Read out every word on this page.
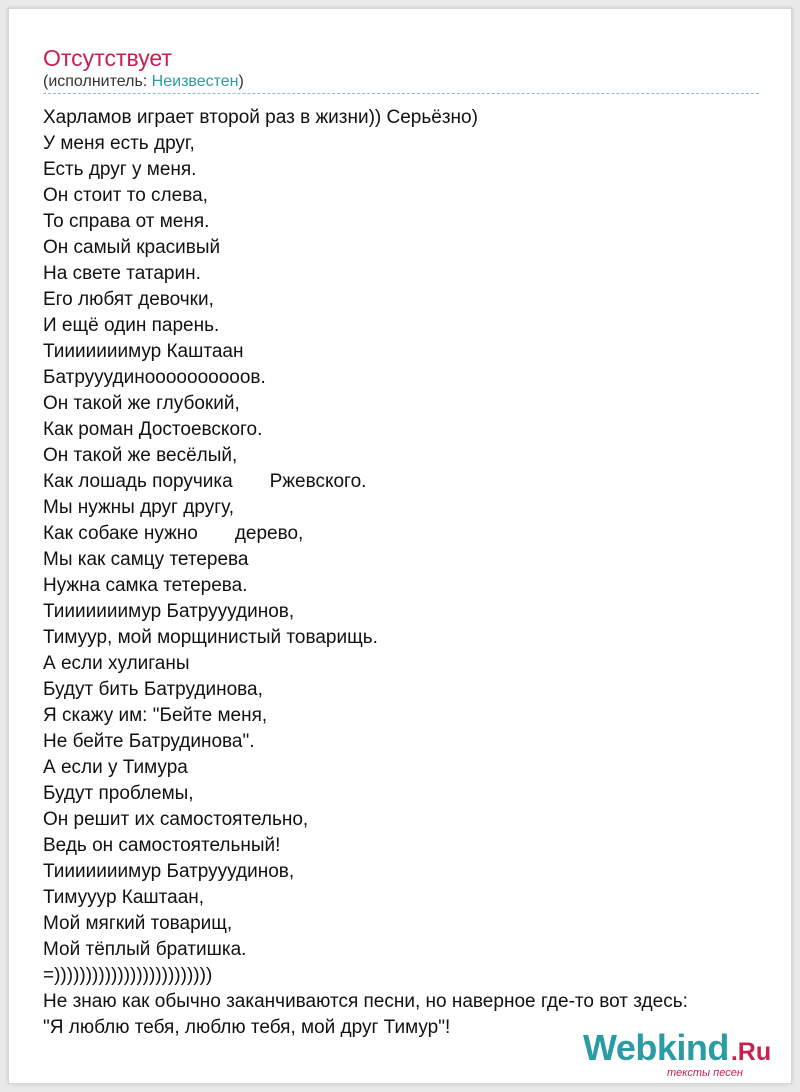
Отсутствует
(исполнитель: Неизвестен)
Харламов играет второй раз в жизни)) Серьёзно)
У меня есть друг,
Есть друг у меня.
Он стоит то слева,
То справа от меня.
Он самый красивый
На свете татарин.
Его любят девочки,
И ещё один парень.
Тииииииимур Каштаан
Батрууудиноооооооооов.
Он такой же глубокий,
Как роман Достоевского.
Он такой же весёлый,
Как лошадь поручика       Ржевского.
Мы нужны друг другу,
Как собаке нужно       дерево,
Мы как самцу тетерева
Нужна самка тетерева.
Тииииииимур Батрууудинов,
Тимуур, мой морщинистый товарищь.
А если хулиганы
Будут бить Батрудинова,
Я скажу им: "Бейте меня,
Не бейте Батрудинова".
А если у Тимура
Будут проблемы,
Он решит их самостоятельно,
Ведь он самостоятельный!
Тииииииимур Батрууудинов,
Тимууур Каштаан,
Мой мягкий товарищ,
Мой тёплый братишка.
=)))))))))))))))))))))))))
Не знаю как обычно заканчиваются песни, но наверное где-то вот здесь:
"Я люблю тебя, люблю тебя, мой друг Тимур"!	Webkind.Ru
тексты песен
